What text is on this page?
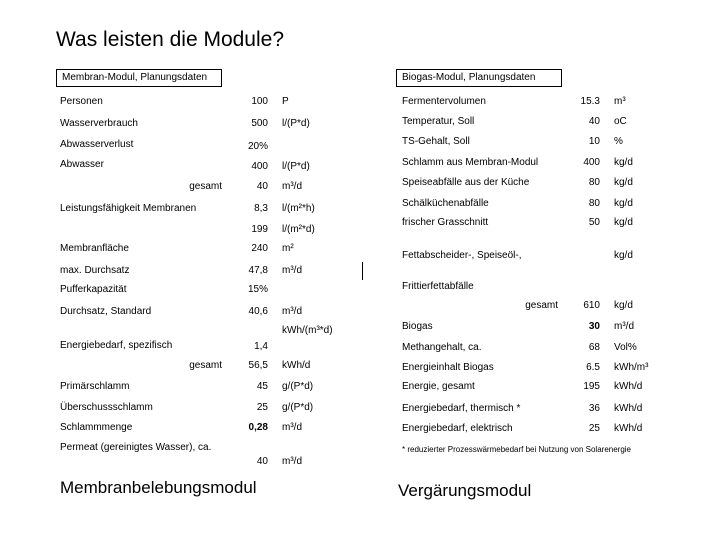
Was leisten die Module?
Membran-Modul, Planungsdaten
Personen	100 P
Wasserverbrauch	500 l/(P*d)
Abwasserverlust	20%
Abwasser	400 l/(P*d)
gesamt	40 m³/d
Leistungsfähigkeit Membranen	8,3 l/(m²*h)
199 l/(m²*d)
Membranfläche	240 m²
max. Durchsatz	47,8 m³/d
Pufferkapazität	15%
Durchsatz, Standard	40,6 m³/d
Energiebedarf, spezifisch	1,4
kWh/(m³*d)
gesamt	56,5 kWh/d
Primärschlamm	45 g/(P*d)
Überschussschlamm	25 g/(P*d)
Schlammmenge	0,28 m³/d
Permeat (gereinigtes Wasser), ca.
40 m³/d
Membranbelebungsmodul
Biogas-Modul, Planungsdaten
Fermentervolumen	15.3 m³
Temperatur, Soll	40 oC
TS-Gehalt, Soll	10 %
Schlamm aus Membran-Modul	400 kg/d
Speiseabfälle aus der Küche	80 kg/d
Schälküchenabfälle	80 kg/d
frischer Grasschnitt	50 kg/d
Fettabscheider-, Speiseöl-,	kg/d
Frittierfettabfälle
gesamt	610 kg/d
Biogas	30 m³/d
Methangehalt, ca.	68 Vol%
Energieinhalt Biogas	6.5 kWh/m³
Energie, gesamt	195 kWh/d
Energiebedarf, thermisch *	36 kWh/d
Energiebedarf, elektrisch	25 kWh/d
* reduzierter Prozesswärmebedarf bei Nutzung von Solarenergie
Vergärungsmodul
